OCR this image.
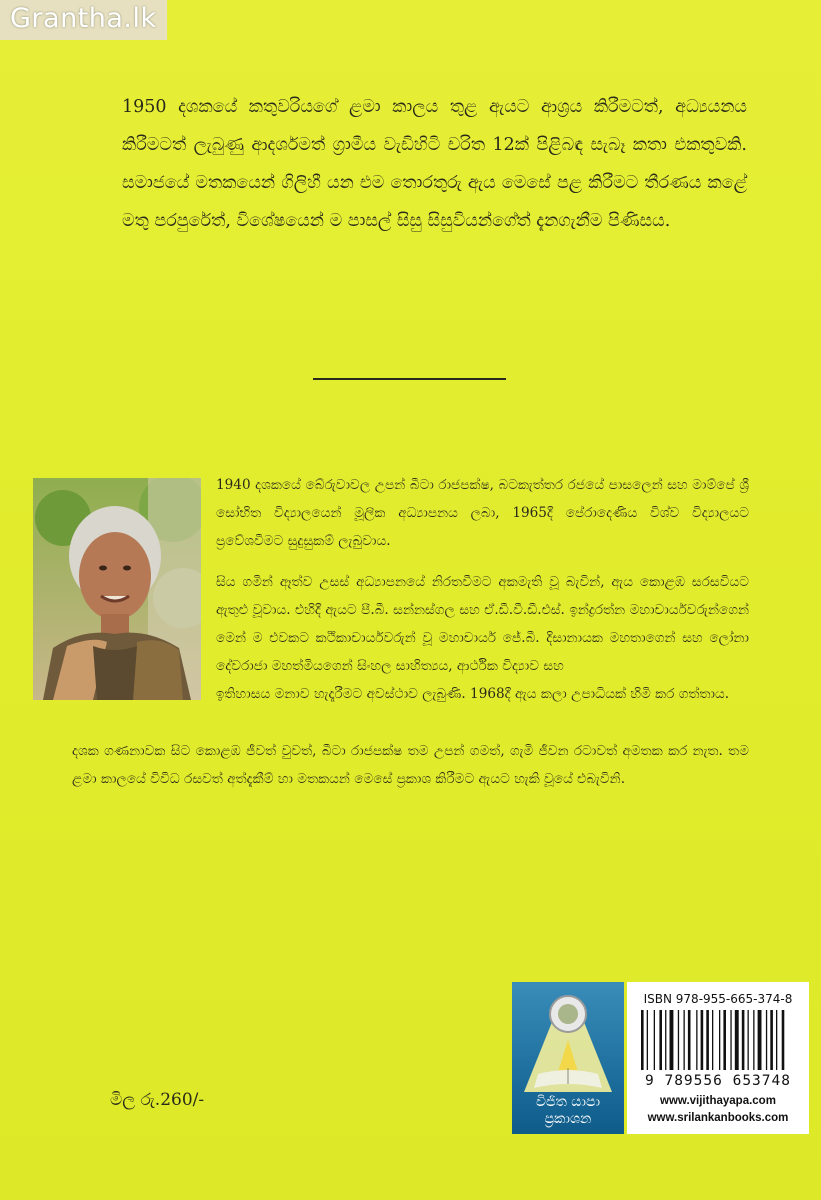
Grantha.lk

1950 දශකයේ කතුවරියගේ ළමා කාලය තුළ ඇයට ආශ්‍රය කිරීමටත්, අධ්‍යයනය කිරීමටත් ලැබුණු ආදර්ශමත් ග්‍රාමීය වැඩිහිටි චරිත 12ක් පිළිබඳ සැබෑ කතා එකතුවකි. සමාජයේ මතකයෙන් ගිලිහී යන එම තොරතුරු ඇය මෙසේ පළ කිරීමට තීරණය කළේ මතු පරපුරේත්, විශේෂයෙන් ම පාසල් සිසු සිසුවියන්ගේත් දැනගැනීම පිණිසය.

1940 දශකයේ බේරුවාවල උපන් බීටා රාජපක්ෂ, බටකැත්තර රජයේ පාසලෙන් සහ මාම්පේ ශ්‍රී සෝභිත විද්‍යාලයෙන් මූලික අධ්‍යාපනය ලබා, 1965දී පේරාදෙණිය විශ්ව විද්‍යාලයට ප්‍රවේශවීමට සුදුසුකම් ලැබුවාය.

සිය ගමින් ඈත්ව උසස් අධ්‍යාපනයේ නිරතවීමට අකමැති වූ බැවින්, ඇය කොළඹ සරසවියට ඇතුළු වූවාය. එහිදී ඇයට පී.බී. සන්නස්ගල සහ ඒ.ඩී.වී.ඩී.එස්. ඉන්ද්‍රරත්න මහාචාර්යවරුන්ගෙන් මෙන් ම එවකට කථිකාචාර්යවරුන් වූ මහාචාර්ය ජේ.බී. දිසානායක මහතාගෙන් සහ ලෝනා දේවරාජා මහත්මියගෙන් සිංහල සාහිත්‍යය, ආර්ථික විද්‍යාව සහ

ඉතිහාසය මනාව හැදෑරීමට අවස්ථාව ලැබුණි. 1968දී ඇය කලා උපාධියක් හිමි කර ගත්තාය.

දශක ගණනාවක සිට කොළඹ ජීවත් වුවත්, බීටා රාජපක්ෂ තම උපන් ගමත්, ගැමි ජීවන රටාවත් අමතක කර නැත. තම ළමා කාලයේ විවිධ රසවත් අත්දැකීම් හා මතකයන් මෙසේ ප්‍රකාශ කිරීමට ඇයට හැකි වූයේ එබැවිනි.

විජිත යාපා
ප්‍රකාශන
ISBN 978-955-665-374-8
9 789556 653748
www.vijithayapa.com
www.srilankanbooks.com
මිල රු.260/-
